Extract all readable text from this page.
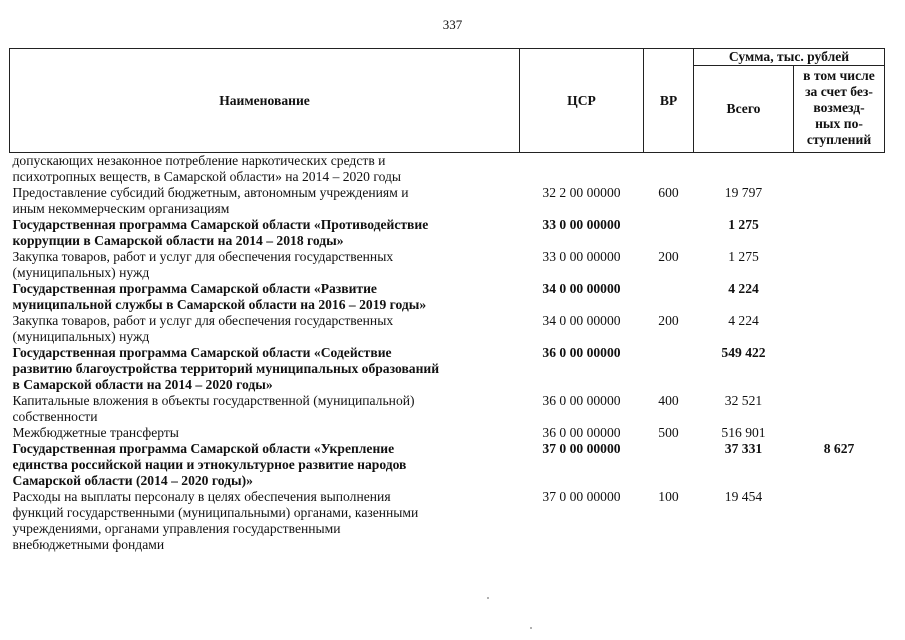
337
Наименование	ЦСР	ВР	Сумма, тыс. рублей	
			Всего	в том числе
за счет без-
возмезд-
ных по-
ступлений

допускающих незаконное потребление наркотических средств и
психотропных веществ, в Самарской области» на 2014 – 2020 годы				

Предоставление субсидий бюджетным, автономным учреждениям и
иным некоммерческим организациям	32 2 00 00000	600	19 797	

Государственная программа Самарской области «Противодействие
коррупции в Самарской области на 2014 – 2018 годы»	33 0 00 00000		1 275	

Закупка товаров, работ и услуг для обеспечения государственных
(муниципальных) нужд	33 0 00 00000	200	1 275	

Государственная программа Самарской области «Развитие
муниципальной службы в Самарской области на 2016 – 2019 годы»	34 0 00 00000		4 224	

Закупка товаров, работ и услуг для обеспечения государственных
(муниципальных) нужд	34 0 00 00000	200	4 224	

Государственная программа Самарской области «Содействие
развитию благоустройства территорий муниципальных образований
в Самарской области на 2014 – 2020 годы»	36 0 00 00000		549 422	

Капитальные вложения в объекты государственной (муниципальной)
собственности	36 0 00 00000	400	32 521	

Межбюджетные трансферты	36 0 00 00000	500	516 901	

Государственная программа Самарской области «Укрепление
единства российской нации и этнокультурное развитие народов
Самарской области (2014 – 2020 годы)»	37 0 00 00000		37 331	8 627

Расходы на выплаты персоналу в целях обеспечения выполнения
функций государственными (муниципальными) органами, казенными
учреждениями, органами управления государственными
внебюджетными фондами	37 0 00 00000	100	19 454	
